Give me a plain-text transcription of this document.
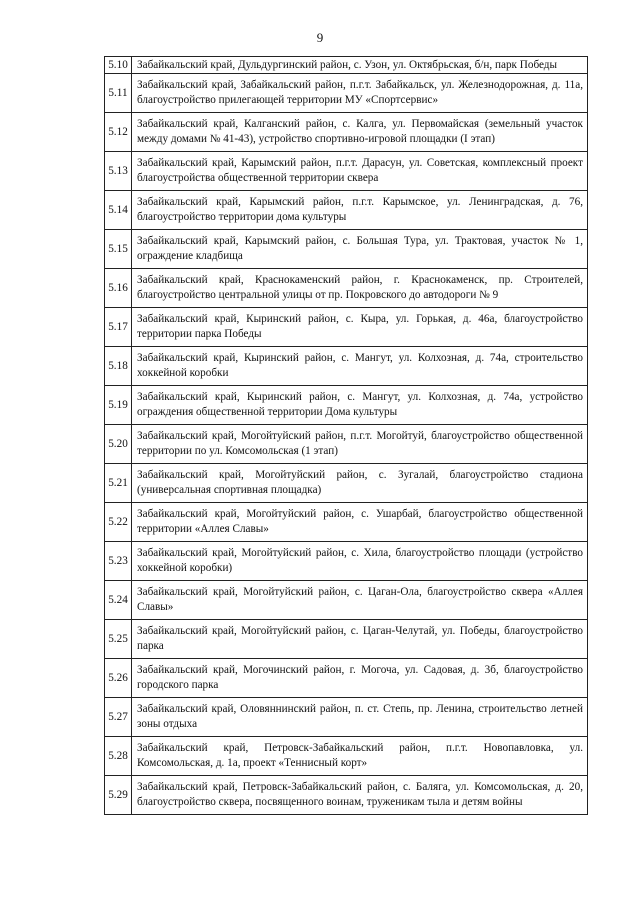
9
5.10	Забайкальский край, Дульдургинский район, с. Узон, ул. Октябрьская, б/н, парк Победы
5.11	Забайкальский край, Забайкальский район, п.г.т. Забайкальск, ул. Железнодорожная, д. 11а, благоустройство прилегающей территории МУ «Спортсервис»
5.12	Забайкальский край, Калганский район, с. Калга, ул. Первомайская (земельный участок между домами № 41-43), устройство спортивно-игровой площадки (I этап)
5.13	Забайкальский край, Карымский район, п.г.т. Дарасун, ул. Советская, комплексный проект благоустройства общественной территории сквера
5.14	Забайкальский край, Карымский район, п.г.т. Карымское, ул. Ленинградская, д. 76, благоустройство территории дома культуры
5.15	Забайкальский край, Карымский район, с. Большая Тура, ул. Трактовая, участок № 1, ограждение кладбища
5.16	Забайкальский край, Краснокаменский район, г. Краснокаменск, пр. Строителей, благоустройство центральной улицы от пр. Покровского до автодороги № 9
5.17	Забайкальский край, Кыринский район, с. Кыра, ул. Горькая, д. 46а, благоустройство территории парка Победы
5.18	Забайкальский край, Кыринский район, с. Мангут, ул. Колхозная, д. 74а, строительство хоккейной коробки
5.19	Забайкальский край, Кыринский район, с. Мангут, ул. Колхозная, д. 74а, устройство ограждения общественной территории Дома культуры
5.20	Забайкальский край, Могойтуйский район, п.г.т. Могойтуй, благоустройство общественной территории по ул. Комсомольская (1 этап)
5.21	Забайкальский край, Могойтуйский район, с. Зугалай, благоустройство стадиона (универсальная спортивная площадка)
5.22	Забайкальский край, Могойтуйский район, с. Ушарбай, благоустройство общественной территории «Аллея Славы»
5.23	Забайкальский край, Могойтуйский район, с. Хила, благоустройство площади (устройство хоккейной коробки)
5.24	Забайкальский край, Могойтуйский район, с. Цаган-Ола, благоустройство сквера «Аллея Славы»
5.25	Забайкальский край, Могойтуйский район, с. Цаган-Челутай, ул. Победы, благоустройство парка
5.26	Забайкальский край, Могочинский район, г. Могоча, ул. Садовая, д. 3б, благоустройство городского парка
5.27	Забайкальский край, Оловяннинский район, п. ст. Степь, пр. Ленина, строительство летней зоны отдыха
5.28	Забайкальский край, Петровск-Забайкальский район, п.г.т. Новопавловка, ул. Комсомольская, д. 1а, проект «Теннисный корт»
5.29	Забайкальский край, Петровск-Забайкальский район, с. Баляга, ул. Комсомольская, д. 20, благоустройство сквера, посвященного воинам, труженикам тыла и детям войны
